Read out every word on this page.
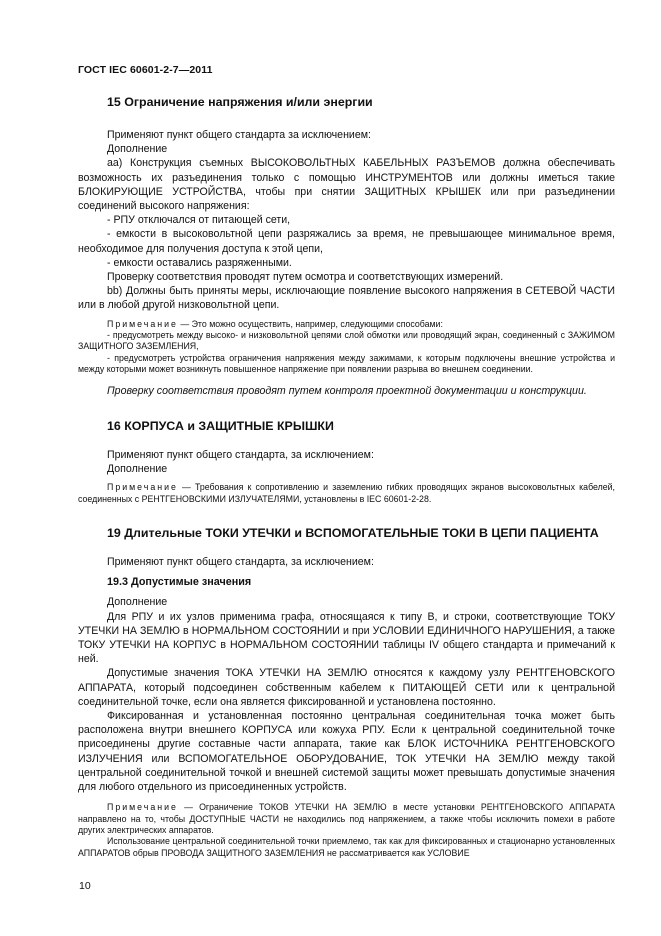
ГОСТ IEC 60601-2-7—2011
15 Ограничение напряжения и/или энергии

Применяют пункт общего стандарта за исключением:

Дополнение

аа) Конструкция съемных ВЫСОКОВОЛЬТНЫХ КАБЕЛЬНЫХ РАЗЪЕМОВ должна обеспечивать возможность их разъединения только с помощью ИНСТРУМЕНТОВ или должны иметься такие БЛОКИРУЮЩИЕ УСТРОЙСТВА, чтобы при снятии ЗАЩИТНЫХ КРЫШЕК или при разъединении соединений высокого напряжения:

- РПУ отключался от питающей сети,

- емкости в высоковольтной цепи разряжались за время, не превышающее минимальное время, необходимое для получения доступа к этой цепи,

- емкости оставались разряженными.

Проверку соответствия проводят путем осмотра и соответствующих измерений.

bb) Должны быть приняты меры, исключающие появление высокого напряжения в СЕТЕВОЙ ЧАСТИ или в любой другой низковольтной цепи.

Примечание — Это можно осуществить, например, следующими способами:

- предусмотреть между высоко- и низковольтной цепями слой обмотки или проводящий экран, соединенный с ЗАЖИМОМ ЗАЩИТНОГО ЗАЗЕМЛЕНИЯ,

- предусмотреть устройства ограничения напряжения между зажимами, к которым подключены внешние устройства и между которыми может возникнуть повышенное напряжение при появлении разрыва во внешнем соединении.

Проверку соответствия проводят путем контроля проектной документации и конструкции.

16 КОРПУСА и ЗАЩИТНЫЕ КРЫШКИ

Применяют пункт общего стандарта, за исключением:

Дополнение

Примечание — Требования к сопротивлению и заземлению гибких проводящих экранов высоковольтных кабелей, соединенных с РЕНТГЕНОВСКИМИ ИЗЛУЧАТЕЛЯМИ, установлены в IEC 60601-2-28.

19 Длительные ТОКИ УТЕЧКИ и ВСПОМОГАТЕЛЬНЫЕ ТОКИ В ЦЕПИ ПАЦИЕНТА

Применяют пункт общего стандарта, за исключением:

19.3 Допустимые значения

Дополнение

Для РПУ и их узлов применима графа, относящаяся к типу В, и строки, соответствующие ТОКУ УТЕЧКИ НА ЗЕМЛЮ в НОРМАЛЬНОМ СОСТОЯНИИ и при УСЛОВИИ ЕДИНИЧНОГО НАРУШЕНИЯ, а также ТОКУ УТЕЧКИ НА КОРПУС в НОРМАЛЬНОМ СОСТОЯНИИ таблицы IV общего стандарта и примечаний к ней.

Допустимые значения ТОКА УТЕЧКИ НА ЗЕМЛЮ относятся к каждому узлу РЕНТГЕНОВСКОГО АППАРАТА, который подсоединен собственным кабелем к ПИТАЮЩЕЙ СЕТИ или к центральной соединительной точке, если она является фиксированной и установлена постоянно.

Фиксированная и установленная постоянно центральная соединительная точка может быть расположена внутри внешнего КОРПУСА или кожуха РПУ. Если к центральной соединительной точке присоединены другие составные части аппарата, такие как БЛОК ИСТОЧНИКА РЕНТГЕНОВСКОГО ИЗЛУЧЕНИЯ или ВСПОМОГАТЕЛЬНОЕ ОБОРУДОВАНИЕ, ТОК УТЕЧКИ НА ЗЕМЛЮ между такой центральной соединительной точкой и внешней системой защиты может превышать допустимые значения для любого отдельного из присоединенных устройств.

Примечание — Ограничение ТОКОВ УТЕЧКИ НА ЗЕМЛЮ в месте установки РЕНТГЕНОВСКОГО АППАРАТА направлено на то, чтобы ДОСТУПНЫЕ ЧАСТИ не находились под напряжением, а также чтобы исключить помехи в работе других электрических аппаратов.

Использование центральной соединительной точки приемлемо, так как для фиксированных и стационарно установленных АППАРАТОВ обрыв ПРОВОДА ЗАЩИТНОГО ЗАЗЕМЛЕНИЯ не рассматривается как УСЛОВИЕ

10
